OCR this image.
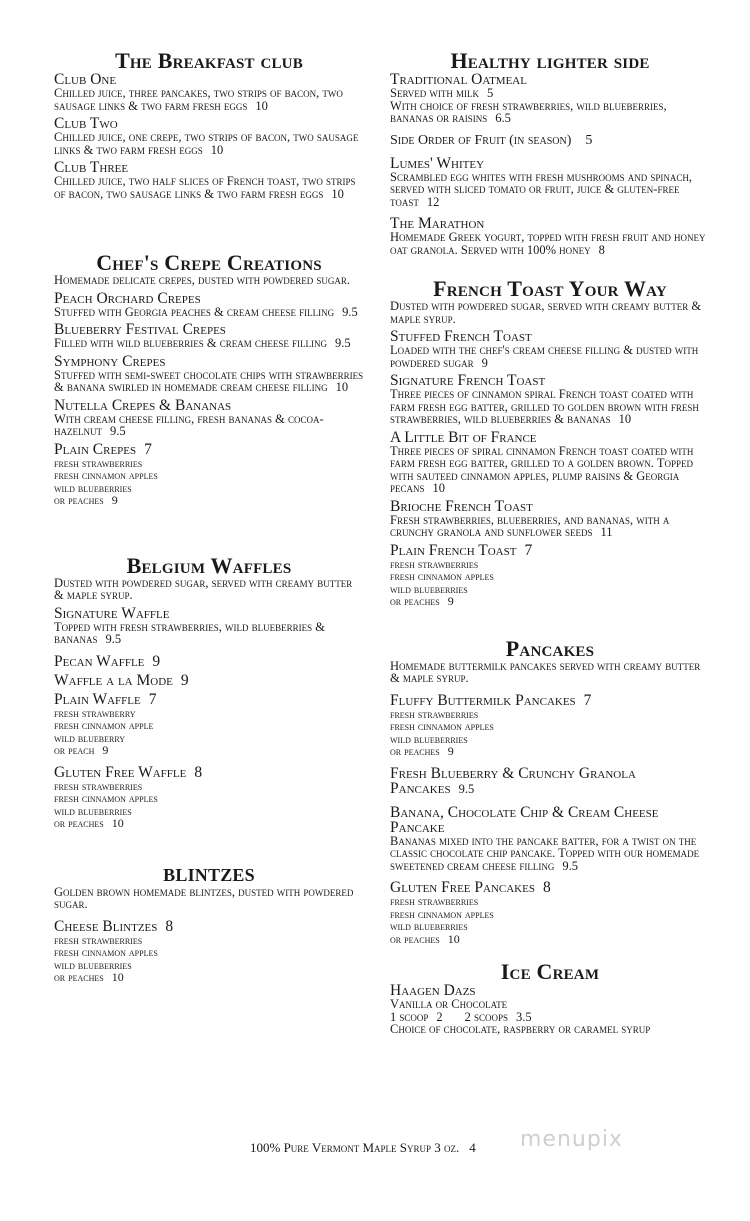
The Breakfast club

Club One

Chilled juice, three pancakes, two strips of bacon, two sausage links & two farm fresh eggs 10

Club Two

Chilled juice, one crepe, two strips of bacon, two sausage links & two farm fresh eggs 10

Club Three

Chilled juice, two half slices of French toast, two strips of bacon, two sausage links & two farm fresh eggs 10

Chef's Crepe Creations

Homemade delicate crepes, dusted with powdered sugar.

Peach Orchard Crepes

Stuffed with Georgia peaches & cream cheese filling 9.5

Blueberry Festival Crepes

Filled with wild blueberries & cream cheese filling 9.5

Symphony Crepes

Stuffed with semi-sweet chocolate chips with strawberries & banana swirled in homemade cream cheese filling 10

Nutella Crepes & Bananas

With cream cheese filling, fresh bananas & cocoa-hazelnut 9.5

Plain Crepes 7

fresh strawberries
fresh cinnamon apples
wild blueberries
or peaches 9

Belgium Waffles

Dusted with powdered sugar, served with creamy butter & maple syrup.

Signature Waffle

Topped with fresh strawberries, wild blueberries & bananas 9.5

Pecan Waffle 9

Waffle a la Mode 9

Plain Waffle 7

fresh strawberry
fresh cinnamon apple
wild blueberry
or peach 9

Gluten Free Waffle 8

fresh strawberries
fresh cinnamon apples
wild blueberries
or peaches 10

BLINTZES

Golden brown homemade blintzes, dusted with powdered sugar.

Cheese Blintzes 8

fresh strawberries
fresh cinnamon apples
wild blueberries
or peaches 10

Healthy lighter side

Traditional Oatmeal

Served with milk 5

With choice of fresh strawberries, wild blueberries, bananas or raisins 6.5

Side Order of Fruit (in season) 5

Lumes' Whitey

Scrambled egg whites with fresh mushrooms and spinach, served with sliced tomato or fruit, juice & gluten-free toast 12

The Marathon

Homemade Greek yogurt, topped with fresh fruit and honey oat granola. Served with 100% honey 8

French Toast Your Way

Dusted with powdered sugar, served with creamy butter & maple syrup.

Stuffed French Toast

Loaded with the chef's cream cheese filling & dusted with powdered sugar 9

Signature French Toast

Three pieces of cinnamon spiral French toast coated with farm fresh egg batter, grilled to golden brown with fresh strawberries, wild blueberries & bananas 10

A Little Bit of France

Three pieces of spiral cinnamon French toast coated with farm fresh egg batter, grilled to a golden brown. Topped with sauteed cinnamon apples, plump raisins & Georgia pecans 10

Brioche French Toast

Fresh strawberries, blueberries, and bananas, with a crunchy granola and sunflower seeds 11

Plain French Toast 7

fresh strawberries
fresh cinnamon apples
wild blueberries
or peaches 9

Pancakes

Homemade buttermilk pancakes served with creamy butter & maple syrup.

Fluffy Buttermilk Pancakes 7

fresh strawberries
fresh cinnamon apples
wild blueberries
or peaches 9

Fresh Blueberry & Crunchy Granola Pancakes 9.5

Banana, Chocolate Chip & Cream Cheese Pancake

Bananas mixed into the pancake batter, for a twist on the classic chocolate chip pancake. Topped with our homemade sweetened cream cheese filling 9.5

Gluten Free Pancakes 8

fresh strawberries
fresh cinnamon apples
wild blueberries
or peaches 10

Ice Cream

Haagen Dazs

Vanilla or Chocolate

1 scoop 2 2 scoops 3.5

Choice of chocolate, raspberry or caramel syrup

100% Pure Vermont Maple Syrup 3 oz. 4	menupix
